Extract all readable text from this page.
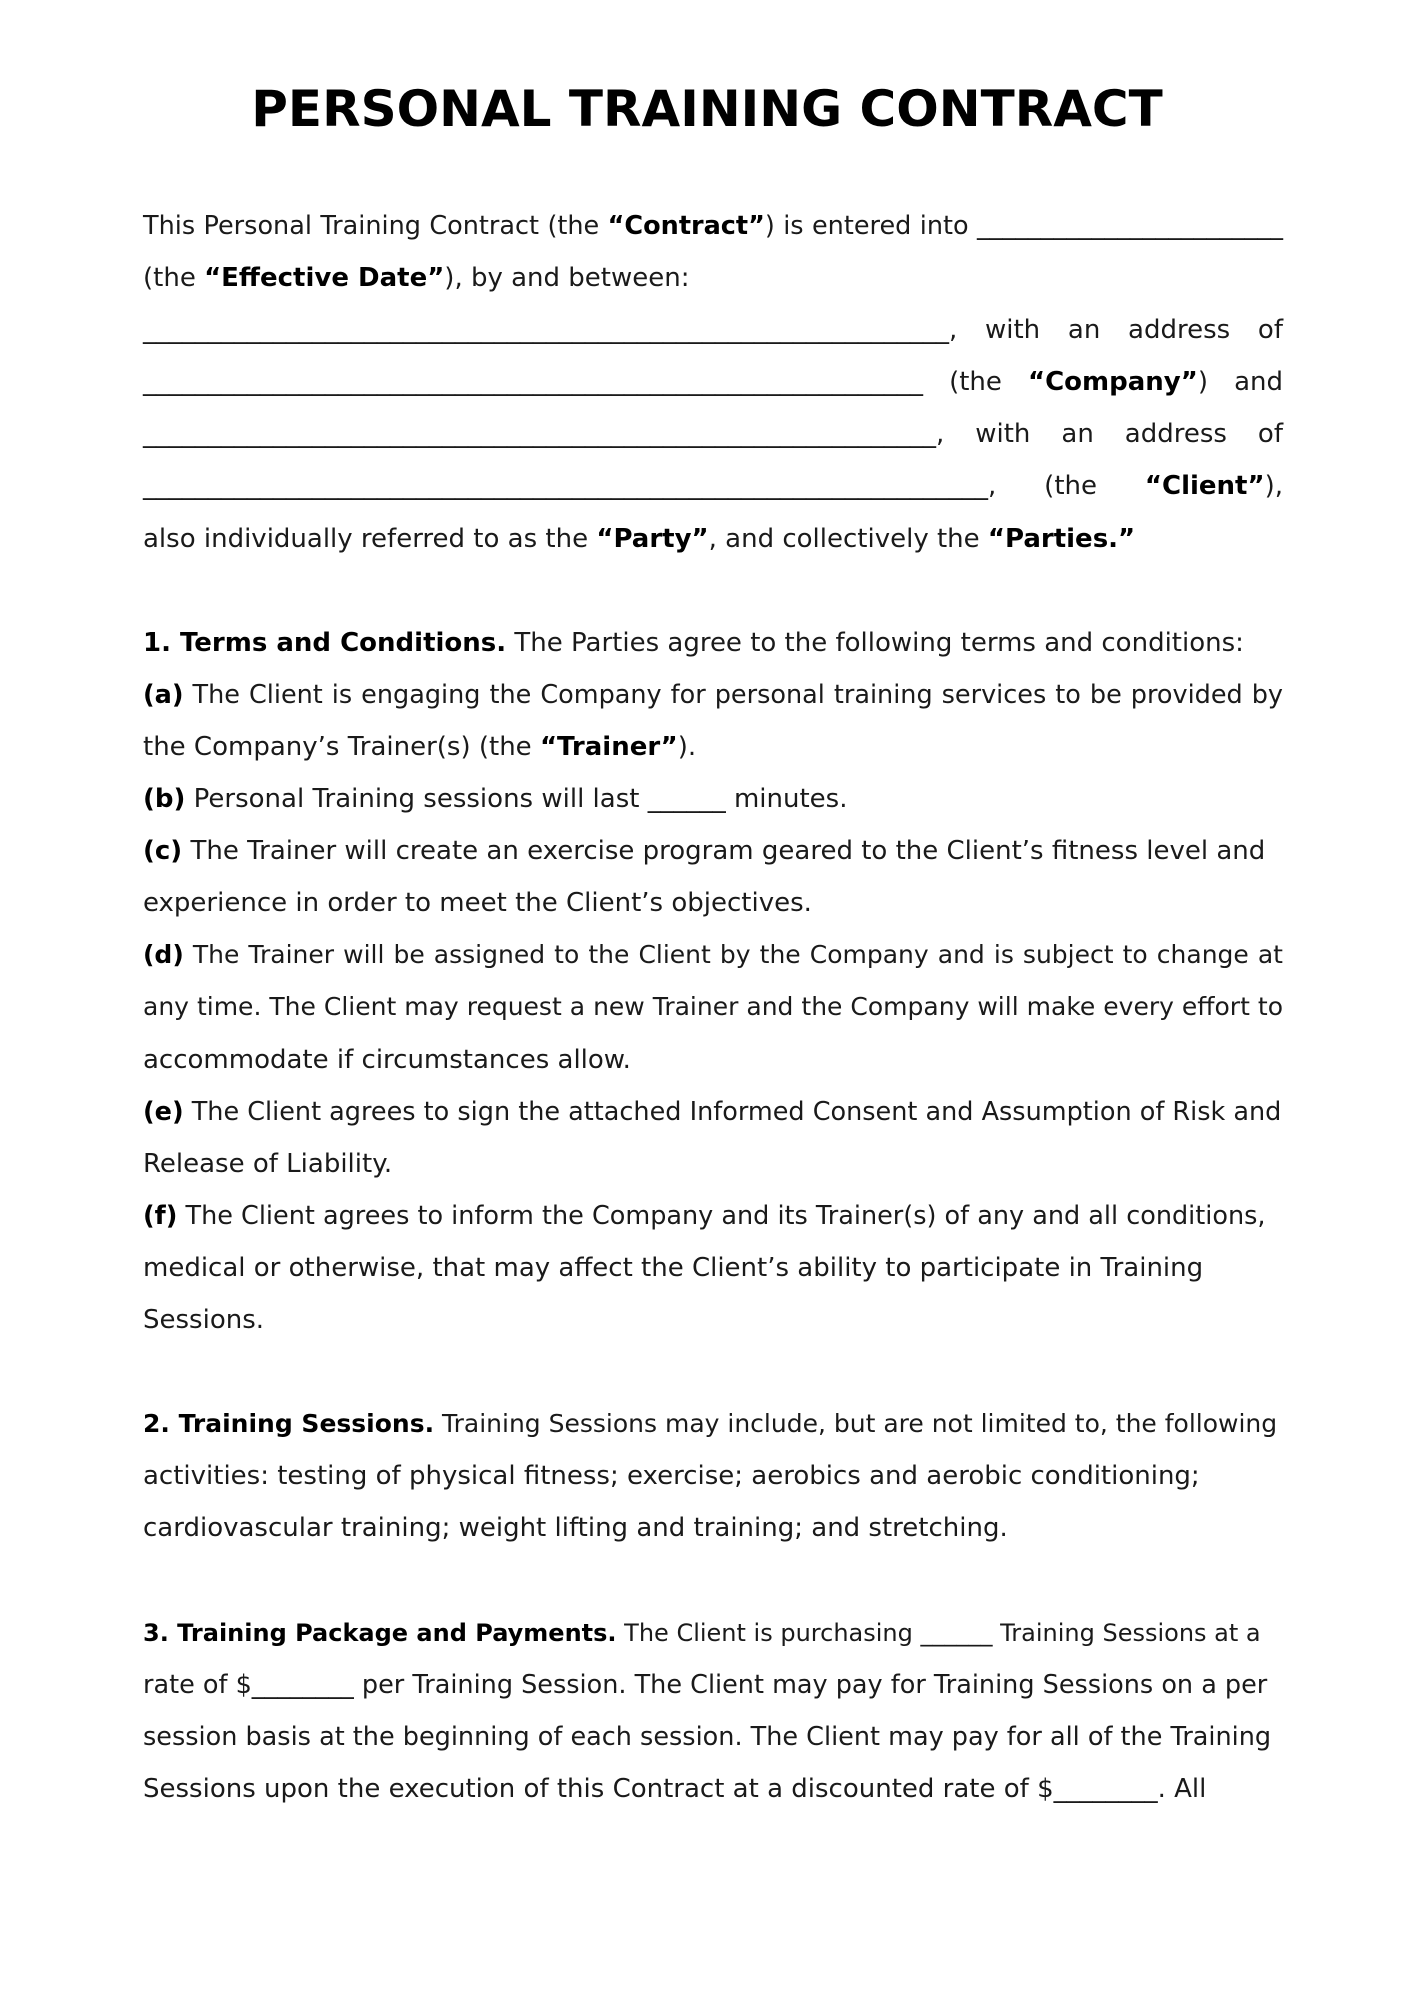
PERSONAL TRAINING CONTRACT
This Personal Training Contract (the “Contract”) is entered into ________________________
(the “Effective Date”), by and between:
______________________________________________________________, with an address of
____________________________________________________________ (the “Company”) and
_____________________________________________________________, with an address of
_________________________________________________________________, (the “Client”),
also individually referred to as the “Party”, and collectively the “Parties.”
1. Terms and Conditions. The Parties agree to the following terms and conditions:
(a) The Client is engaging the Company for personal training services to be provided by
the Company’s Trainer(s) (the “Trainer”).
(b) Personal Training sessions will last ______ minutes.
(c) The Trainer will create an exercise program geared to the Client’s fitness level and
experience in order to meet the Client’s objectives.
(d) The Trainer will be assigned to the Client by the Company and is subject to change at
any time. The Client may request a new Trainer and the Company will make every effort to
accommodate if circumstances allow.
(e) The Client agrees to sign the attached Informed Consent and Assumption of Risk and
Release of Liability.
(f) The Client agrees to inform the Company and its Trainer(s) of any and all conditions,
medical or otherwise, that may affect the Client’s ability to participate in Training
Sessions.
2. Training Sessions. Training Sessions may include, but are not limited to, the following
activities: testing of physical fitness; exercise; aerobics and aerobic conditioning;
cardiovascular training; weight lifting and training; and stretching.
3. Training Package and Payments. The Client is purchasing ______ Training Sessions at a
rate of $________ per Training Session. The Client may pay for Training Sessions on a per
session basis at the beginning of each session. The Client may pay for all of the Training
Sessions upon the execution of this Contract at a discounted rate of $________. All
